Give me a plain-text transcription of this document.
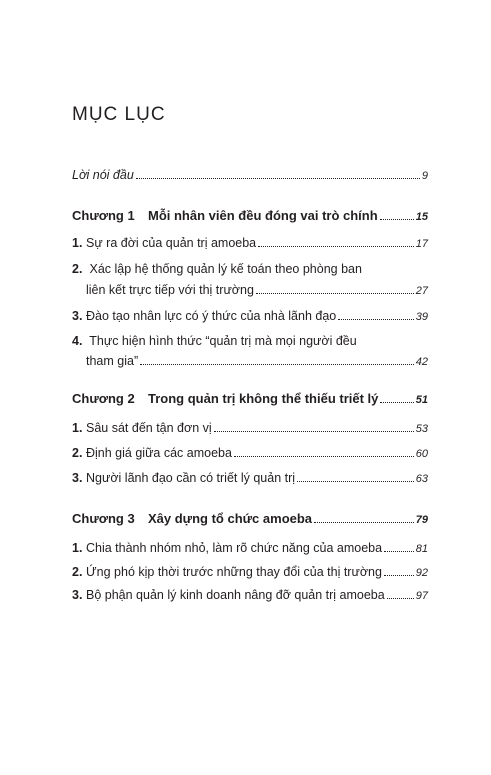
MỤC LỤC
Lời nói đầu	9
Chương 1	Mỗi nhân viên đều đóng vai trò chính	15
1. Sự ra đời của quản trị amoeba	17
2. Xác lập hệ thống quản lý kế toán theo phòng ban
liên kết trực tiếp với thị trường	27
3. Đào tạo nhân lực có ý thức của nhà lãnh đạo	39
4. Thực hiện hình thức “quản trị mà mọi người đều
tham gia”	42
Chương 2	Trong quản trị không thể thiếu triết lý	51
1. Sâu sát đến tận đơn vị	53
2. Định giá giữa các amoeba	60
3. Người lãnh đạo cần có triết lý quản trị	63
Chương 3	Xây dựng tổ chức amoeba	79
1. Chia thành nhóm nhỏ, làm rõ chức năng của amoeba	81
2. Ứng phó kịp thời trước những thay đổi của thị trường	92
3. Bộ phận quản lý kinh doanh nâng đỡ quản trị amoeba	97
